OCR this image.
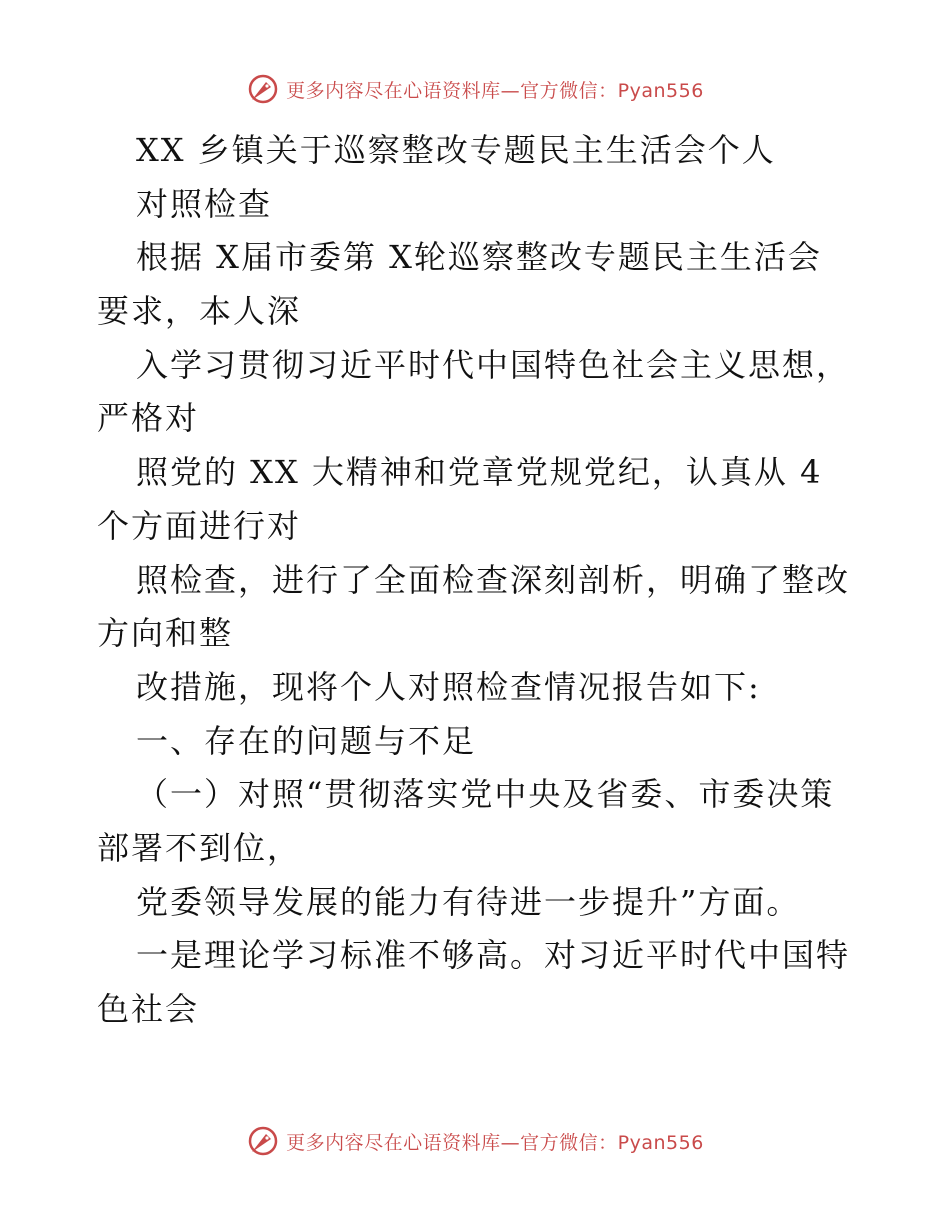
更多内容尽在心语资料库—官方微信：Pyan556
XX 乡镇关于巡察整改专题民主生活会个人
对照检查
根据 X届市委第 X轮巡察整改专题民主生活会
要求，本人深
入学习贯彻习近平时代中国特色社会主义思想，
严格对
照党的 XX 大精神和党章党规党纪，认真从 4
个方面进行对
照检查，进行了全面检查深刻剖析，明确了整改
方向和整
改措施，现将个人对照检查情况报告如下:
一、存在的问题与不足
（一）对照“贯彻落实党中央及省委、市委决策
部署不到位，
党委领导发展的能力有待进一步提升”方面。
一是理论学习标准不够高。对习近平时代中国特
色社会
更多内容尽在心语资料库—官方微信：Pyan556
